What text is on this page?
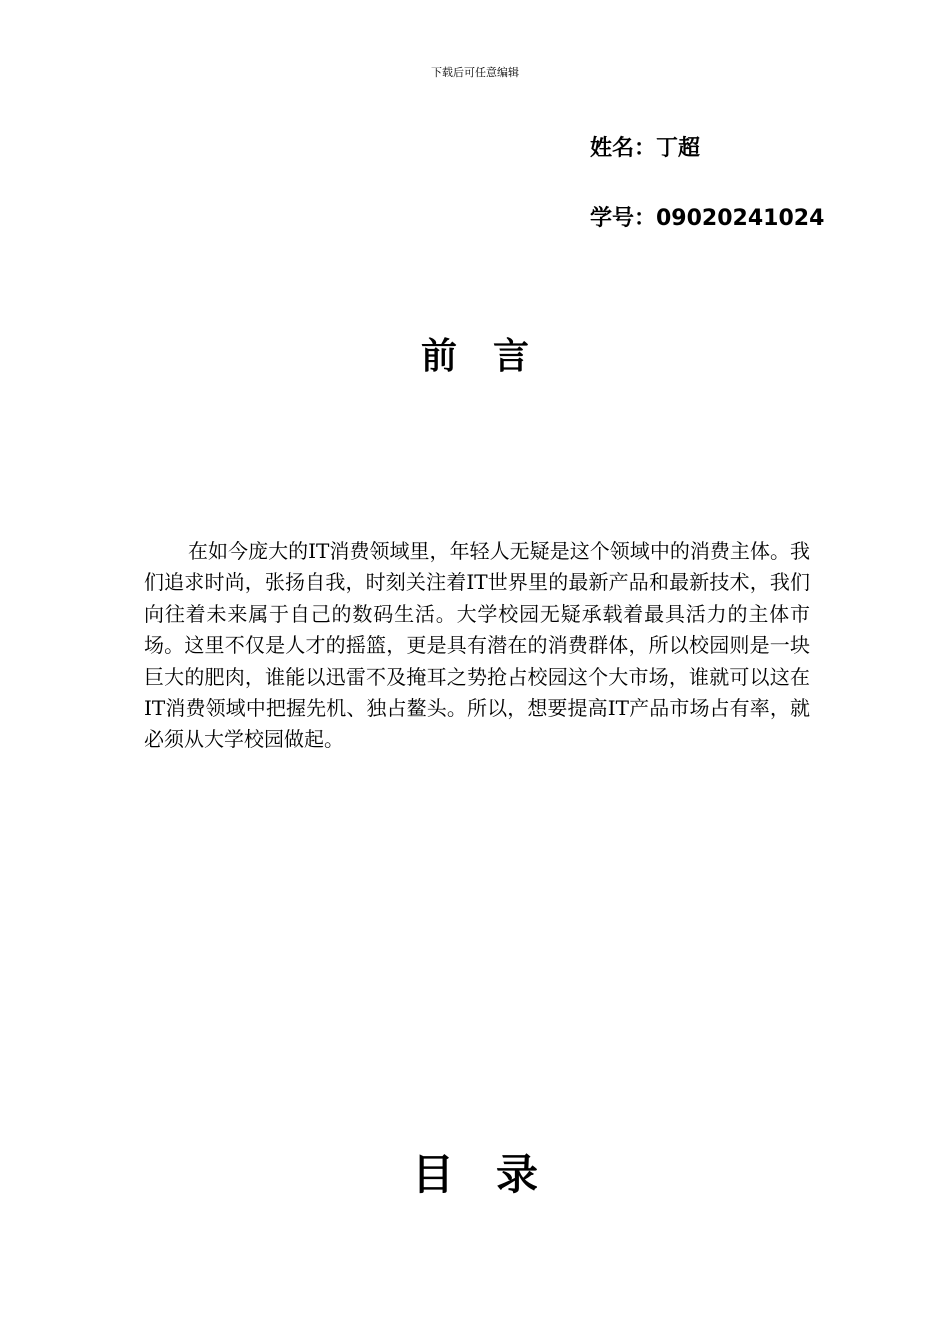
下载后可任意编辑
姓名：丁超
学号：09020241024
前　言

在如今庞大的IT消费领域里，年轻人无疑是这个领域中的消费主体。我们追求时尚，张扬自我，时刻关注着IT世界里的最新产品和最新技术，我们向往着未来属于自己的数码生活。大学校园无疑承载着最具活力的主体市场。这里不仅是人才的摇篮，更是具有潜在的消费群体，所以校园则是一块巨大的肥肉，谁能以迅雷不及掩耳之势抢占校园这个大市场，谁就可以这在IT消费领域中把握先机、独占鳌头。所以，想要提高IT产品市场占有率，就必须从大学校园做起。

目　录
